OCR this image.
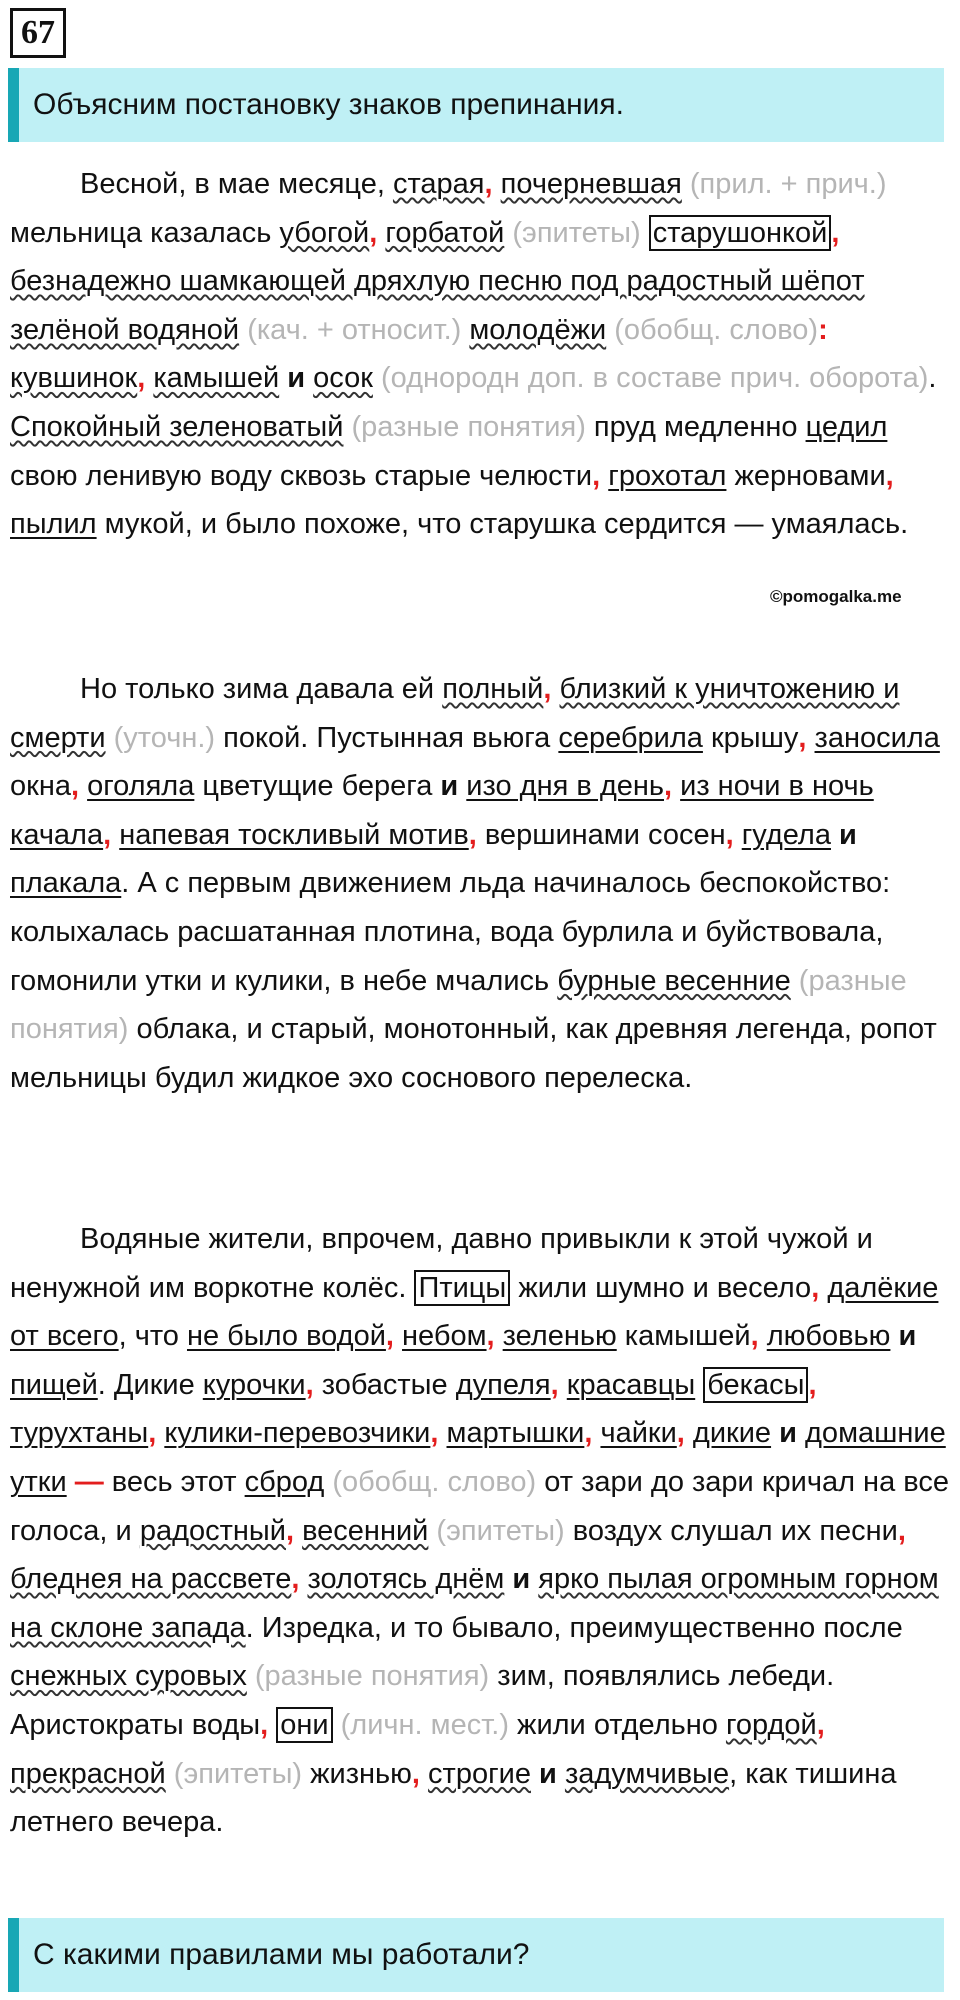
67
Объясним постановку знаков препинания.

Весной, в мае месяце, старая, почерневшая (прил. + прич.) мельница казалась убогой, горбатой (эпитеты) старушонкой , безнадежно шамкающей дряхлую песню под радостный шёпот зелёной водяной (кач. + относит.) молодёжи (обобщ. слово): кувшинок, камышей и осок (однородн доп. в составе прич. оборота). Спокойный зеленоватый (разные понятия) пруд медленно цедил свою ленивую воду сквозь старые челюсти, грохотал жерновами, пылил мукой, и было похоже, что старушка сердится — умаялась.

Но только зима давала ей полный, близкий к уничтожению и смерти (уточн.) покой. Пустынная вьюга серебрила крышу, заносила окна, оголяла цветущие берега и изо дня в день, из ночи в ночь качала, напевая тоскливый мотив, вершинами сосен, гудела и плакала. А с первым движением льда начиналось беспокойство: колыхалась расшатанная плотина, вода бурлила и буйствовала, гомонили утки и кулики, в небе мчались бурные весенние (разные понятия) облака, и старый, монотонный, как древняя легенда, ропот мельницы будил жидкое эхо соснового перелеска.

Водяные жители, впрочем, давно привыкли к этой чужой и ненужной им воркотне колёс. Птицы жили шумно и весело, далёкие от всего, что не было водой, небом, зеленью камышей, любовью и пищей. Дикие курочки, зобастые дупеля, красавцы бекасы , турухтаны, кулики-перевозчики, мартышки, чайки, дикие и домашние утки — весь этот сброд (обобщ. слово) от зари до зари кричал на все голоса, и радостный, весенний (эпитеты) воздух слушал их песни, бледнея на рассвете, золотясь днём и ярко пылая огромным горном на склоне запада. Изредка, и то бывало, преимущественно после снежных суровых (разные понятия) зим, появлялись лебеди. Аристократы воды, они (личн. мест.) жили отдельно гордой, прекрасной (эпитеты) жизнью, строгие и задумчивые, как тишина летнего вечера.

©pomogalka.me
С какими правилами мы работали?
